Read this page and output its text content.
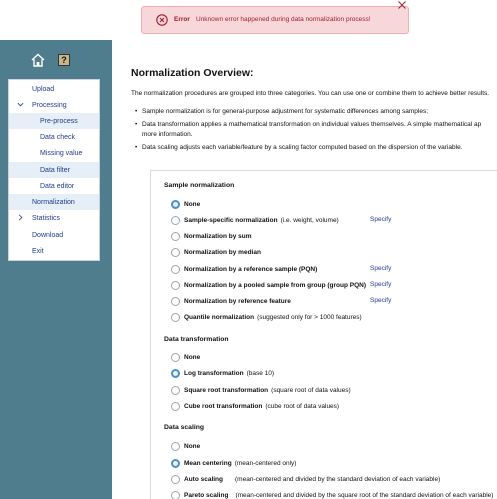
Error Unknown error happened during data normalization process!
?
Upload
Processing
Pre-process
Data check
Missing value
Data filter
Data editor
Normalization
Statistics
Download
Exit
Normalization Overview:
The normalization procedures are grouped into three categories. You can use one or combine them to achieve better results.
• Sample normalization is for general-purpose adjustment for systematic differences among samples;
• Data transformation applies a mathematical transformation on individual values themselves. A simple mathematical ap
more information.
• Data scaling adjusts each variable/feature by a scaling factor computed based on the dispersion of the variable.
Sample normalization
None
Sample-specific normalization (i.e. weight, volume)	Specify
Normalization by sum
Normalization by median
Normalization by a reference sample (PQN)	Specify
Normalization by a pooled sample from group (group PQN) Specify
Normalization by reference feature	Specify
Quantile normalization (suggested only for > 1000 features)
Data transformation
None
Log transformation (base 10)
Square root transformation (square root of data values)
Cube root transformation (cube root of data values)
Data scaling
None
Mean centering (mean-centered only)
Auto scaling (mean-centered and divided by the standard deviation of each variable)
Pareto scaling (mean-centered and divided by the square root of the standard deviation of each variable)
